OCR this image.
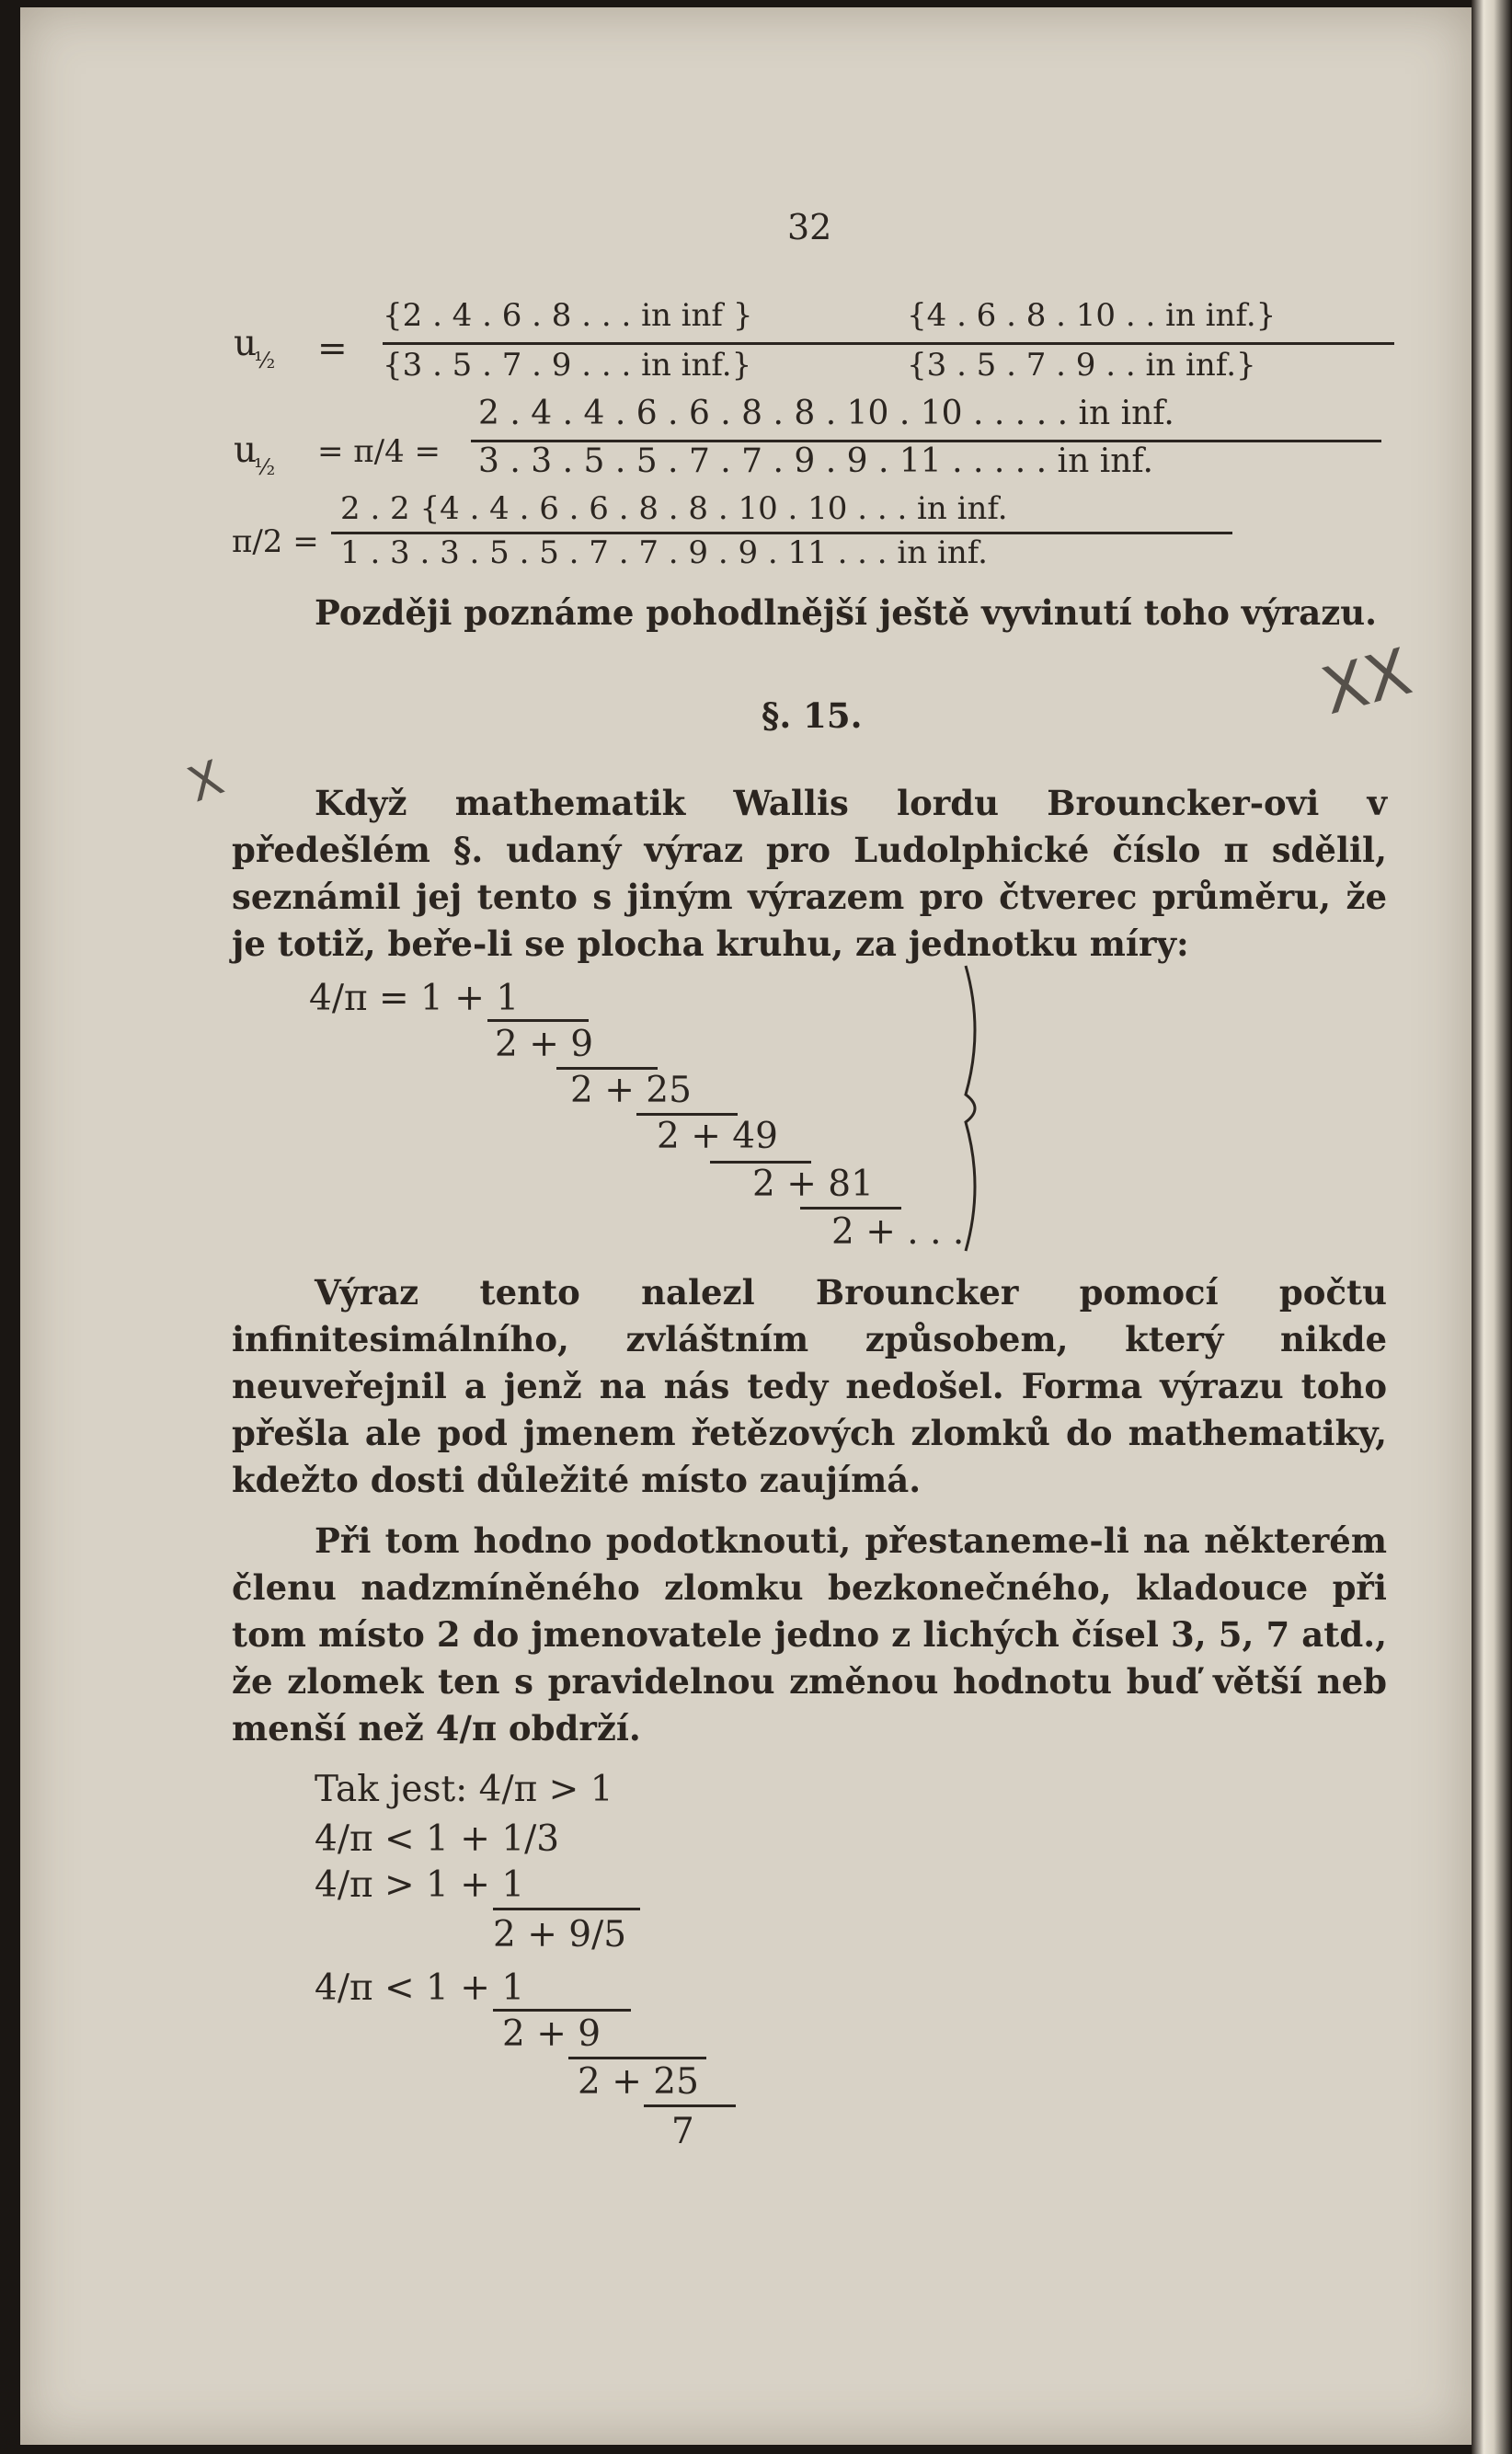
32
u
½ =
{2 . 4 . 6 . 8 . . . in inf }	{4 . 6 . 8 . 10 . . in inf.}
{3 . 5 . 7 . 9 . . . in inf.}	{3 . 5 . 7 . 9 . . in inf.}
u
½ = π/4 =
2 . 4 . 4 . 6 . 6 . 8 . 8 . 10 . 10 . . . . . in inf.
3 . 3 . 5 . 5 . 7 . 7 . 9 . 9 . 11 . . . . . in inf.
π/2 =
2 . 2 {4 . 4 . 6 . 6 . 8 . 8 . 10 . 10 . . . in inf.
1 . 3 . 3 . 5 . 5 . 7 . 7 . 9 . 9 . 11 . . . in inf.
Později poznáme pohodlnější ještě vyvinutí toho výrazu.
§. 15.

Když mathematik Wallis lordu Brouncker-ovi v předešlém §. udaný výraz pro Ludolphické číslo π sdělil, seznámil jej tento s jiným výrazem pro čtverec průměru, že je totiž, beře-li se plocha kruhu, za jednotku míry:

4/π = 1 + 1
2 + 9
2 + 25
2 + 49
2 + 81
2 + . . .

Výraz tento nalezl Brouncker pomocí počtu infinitesimálního, zvláštním způsobem, který nikde neuveřejnil a jenž na nás tedy nedošel. Forma výrazu toho přešla ale pod jmenem řetězových zlomků do mathematiky, kdežto dosti důležité místo zaujímá.

Při tom hodno podotknouti, přestaneme-li na některém členu nadzmíněného zlomku bezkonečného, kladouce při tom místo 2 do jmenovatele jedno z lichých čísel 3, 5, 7 atd., že zlomek ten s pravidelnou změnou hodnotu buď větší neb menší než 4/π obdrží.

Tak jest: 4/π > 1
4/π < 1 + 1/3
4/π > 1 + 1
2 + 9/5
4/π < 1 + 1
2 + 9
2 + 25
7
XX
X
